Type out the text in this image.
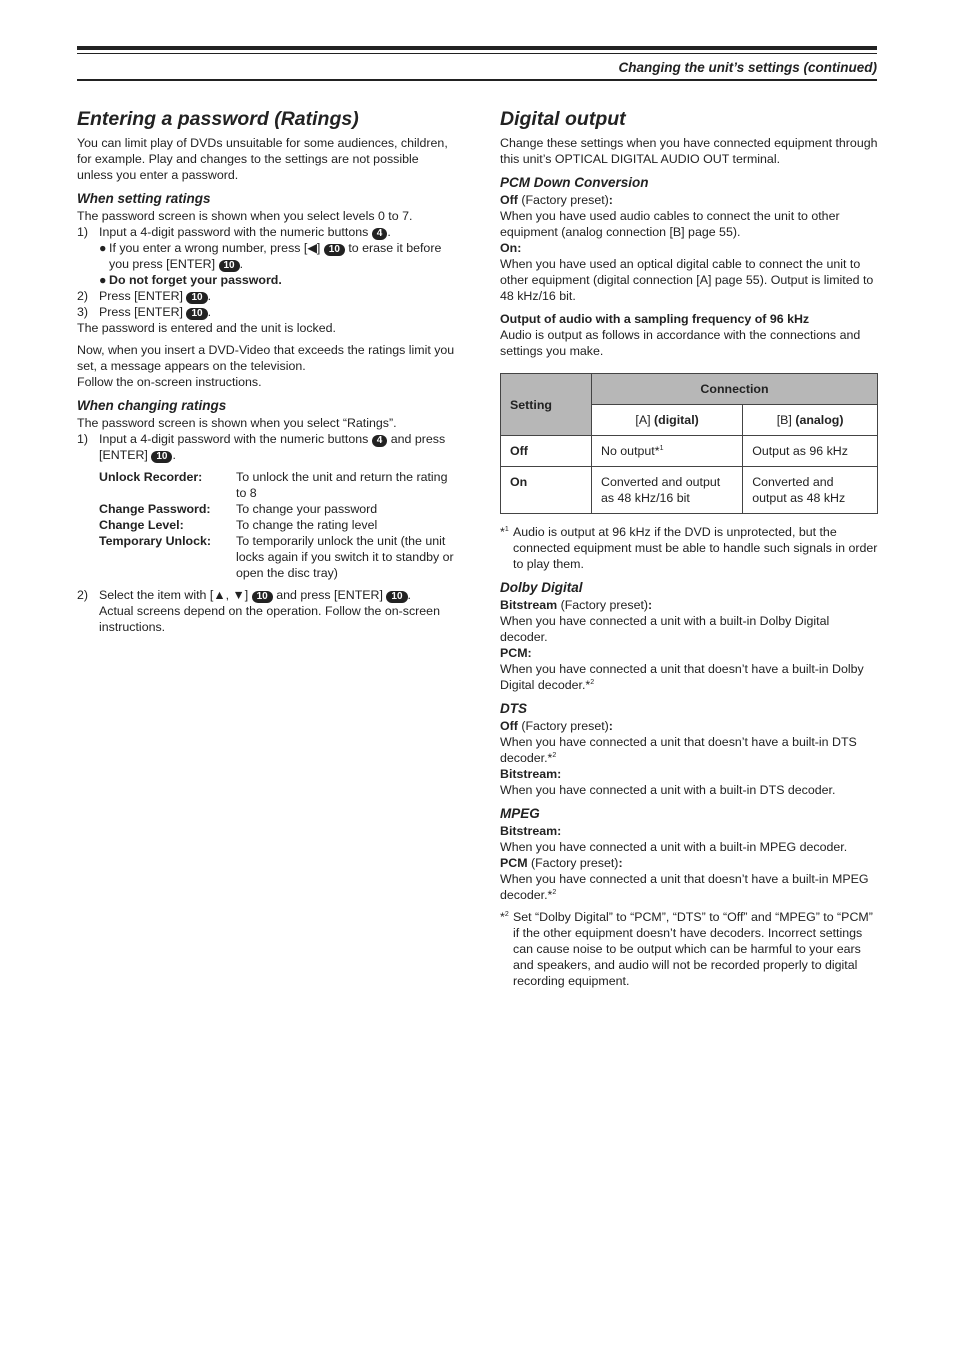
Changing the unit’s settings (continued)
Entering a password (Ratings)

You can limit play of DVDs unsuitable for some audiences, children, for example. Play and changes to the settings are not possible unless you enter a password.

When setting ratings

The password screen is shown when you select levels 0 to 7.

1) Input a 4-digit password with the numeric buttons 4 .
● If you enter a wrong number, press [◀] 10 to erase it before you press [ENTER] 10 .
● Do not forget your password.
2) Press [ENTER] 10 .
3) Press [ENTER] 10 .

The password is entered and the unit is locked.

Now, when you insert a DVD-Video that exceeds the ratings limit you set, a message appears on the television.

Follow the on-screen instructions.

When changing ratings

The password screen is shown when you select “Ratings”.

1) Input a 4-digit password with the numeric buttons 4 and press [ENTER] 10 .
Unlock Recorder:	To unlock the unit and return the rating to 8
Change Password:	To change your password
Change Level:	To change the rating level
Temporary Unlock:	To temporarily unlock the unit (the unit locks again if you switch it to standby or open the disc tray)
2) Select the item with [▲, ▼] 10 and press [ENTER] 10 .
Actual screens depend on the operation. Follow the on-screen instructions.
Digital output

Change these settings when you have connected equipment through this unit’s OPTICAL DIGITAL AUDIO OUT terminal.

PCM Down Conversion

Off (Factory preset):

When you have used audio cables to connect the unit to other equipment (analog connection [B] page 55).

On:

When you have used an optical digital cable to connect the unit to other equipment (digital connection [A] page 55). Output is limited to 48 kHz/16 bit.

Output of audio with a sampling frequency of 96 kHz

Audio is output as follows in accordance with the connections and settings you make.

Setting	Connection	
	[A] (digital)	[B] (analog)
Off	No output*$^1$	Output as 96 kHz
On	Converted and output as 48 kHz/16 bit	Converted and output as 48 kHz
*$^1$ Audio is output at 96 kHz if the DVD is unprotected, but the connected equipment must be able to handle such signals in order to play them.
Dolby Digital

Bitstream (Factory preset):

When you have connected a unit with a built-in Dolby Digital decoder.

PCM:

When you have connected a unit that doesn’t have a built-in Dolby Digital decoder.*$^2$

DTS

Off (Factory preset):

When you have connected a unit that doesn’t have a built-in DTS decoder.*$^2$

Bitstream:

When you have connected a unit with a built-in DTS decoder.

MPEG

Bitstream:

When you have connected a unit with a built-in MPEG decoder.

PCM (Factory preset):

When you have connected a unit that doesn’t have a built-in MPEG decoder.*$^2$

*$^2$ Set “Dolby Digital” to “PCM”, “DTS” to “Off” and “MPEG” to “PCM” if the other equipment doesn’t have decoders. Incorrect settings can cause noise to be output which can be harmful to your ears and speakers, and audio will not be recorded properly to digital recording equipment.
